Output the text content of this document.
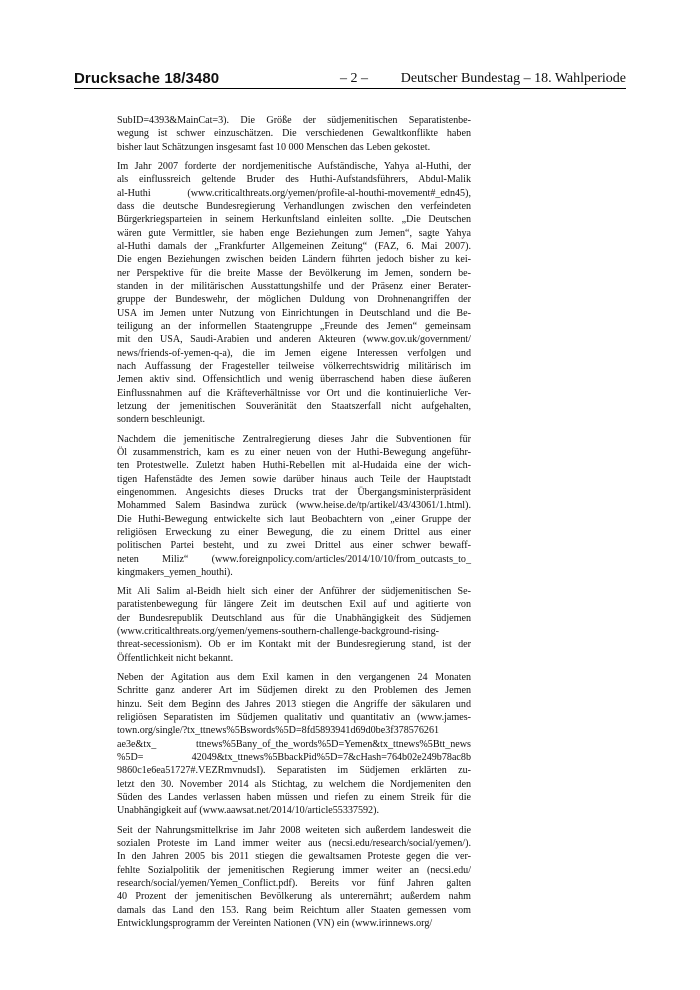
Drucksache 18/3480	– 2 – Deutscher Bundestag – 18. Wahlperiode
SubID=4393&MainCat=3). Die Größe der südjemenitischen Separatistenbe-
wegung ist schwer einzuschätzen. Die verschiedenen Gewaltkonflikte haben
bisher laut Schätzungen insgesamt fast 10 000 Menschen das Leben gekostet.
Im Jahr 2007 forderte der nordjemenitische Aufständische, Yahya al-Huthi, der
als einflussreich geltende Bruder des Huthi-Aufstandsführers, Abdul-Malik
al-Huthi (www.criticalthreats.org/yemen/profile-al-houthi-movement#_edn45),
dass die deutsche Bundesregierung Verhandlungen zwischen den verfeindeten
Bürgerkriegsparteien in seinem Herkunftsland einleiten sollte. „Die Deutschen
wären gute Vermittler, sie haben enge Beziehungen zum Jemen“, sagte Yahya
al-Huthi damals der „Frankfurter Allgemeinen Zeitung“ (FAZ, 6. Mai 2007).
Die engen Beziehungen zwischen beiden Ländern führten jedoch bisher zu kei-
ner Perspektive für die breite Masse der Bevölkerung im Jemen, sondern be-
standen in der militärischen Ausstattungshilfe und der Präsenz einer Berater-
gruppe der Bundeswehr, der möglichen Duldung von Drohnenangriffen der
USA im Jemen unter Nutzung von Einrichtungen in Deutschland und die Be-
teiligung an der informellen Staatengruppe „Freunde des Jemen“ gemeinsam
mit den USA, Saudi-Arabien und anderen Akteuren (www.gov.uk/government/
news/friends-of-yemen-q-a), die im Jemen eigene Interessen verfolgen und
nach Auffassung der Fragesteller teilweise völkerrechtswidrig militärisch im
Jemen aktiv sind. Offensichtlich und wenig überraschend haben diese äußeren
Einflussnahmen auf die Kräfteverhältnisse vor Ort und die kontinuierliche Ver-
letzung der jemenitischen Souveränität den Staatszerfall nicht aufgehalten,
sondern beschleunigt.
Nachdem die jemenitische Zentralregierung dieses Jahr die Subventionen für
Öl zusammenstrich, kam es zu einer neuen von der Huthi-Bewegung angeführ-
ten Protestwelle. Zuletzt haben Huthi-Rebellen mit al-Hudaida eine der wich-
tigen Hafenstädte des Jemen sowie darüber hinaus auch Teile der Hauptstadt
eingenommen. Angesichts dieses Drucks trat der Übergangsministerpräsident
Mohammed Salem Basindwa zurück (www.heise.de/tp/artikel/43/43061/1.html).
Die Huthi-Bewegung entwickelte sich laut Beobachtern von „einer Gruppe der
religiösen Erweckung zu einer Bewegung, die zu einem Drittel aus einer
politischen Partei besteht, und zu zwei Drittel aus einer schwer bewaff-
neten Miliz“ (www.foreignpolicy.com/articles/2014/10/10/from_outcasts_to_
kingmakers_yemen_houthi).
Mit Ali Salim al-Beidh hielt sich einer der Anführer der südjemenitischen Se-
paratistenbewegung für längere Zeit im deutschen Exil auf und agitierte von
der Bundesrepublik Deutschland aus für die Unabhängigkeit des Südjemen
(www.criticalthreats.org/yemen/yemens-southern-challenge-background-rising-
threat-secessionism). Ob er im Kontakt mit der Bundesregierung stand, ist der
Öffentlichkeit nicht bekannt.
Neben der Agitation aus dem Exil kamen in den vergangenen 24 Monaten
Schritte ganz anderer Art im Südjemen direkt zu den Problemen des Jemen
hinzu. Seit dem Beginn des Jahres 2013 stiegen die Angriffe der säkularen und
religiösen Separatisten im Südjemen qualitativ und quantitativ an (www.james-
town.org/single/?tx_ttnews%5Bswords%5D=8fd5893941d69d0be3f378576261
ae3e&tx_ ttnews%5Bany_of_the_words%5D=Yemen&tx_ttnews%5Btt_news
%5D= 42049&tx_ttnews%5BbackPid%5D=7&cHash=764b02e249b78ac8b
9860c1e6ea51727#.VEZRmvnudsI). Separatisten im Südjemen erklärten zu-
letzt den 30. November 2014 als Stichtag, zu welchem die Nordjemeniten den
Süden des Landes verlassen haben müssen und riefen zu einem Streik für die
Unabhängigkeit auf (www.aawsat.net/2014/10/article55337592).
Seit der Nahrungsmittelkrise im Jahr 2008 weiteten sich außerdem landesweit die
sozialen Proteste im Land immer weiter aus (necsi.edu/research/social/yemen/).
In den Jahren 2005 bis 2011 stiegen die gewaltsamen Proteste gegen die ver-
fehlte Sozialpolitik der jemenitischen Regierung immer weiter an (necsi.edu/
research/social/yemen/Yemen_Conflict.pdf). Bereits vor fünf Jahren galten
40 Prozent der jemenitischen Bevölkerung als unterernährt; außerdem nahm
damals das Land den 153. Rang beim Reichtum aller Staaten gemessen vom
Entwicklungsprogramm der Vereinten Nationen (VN) ein (www.irinnews.org/
